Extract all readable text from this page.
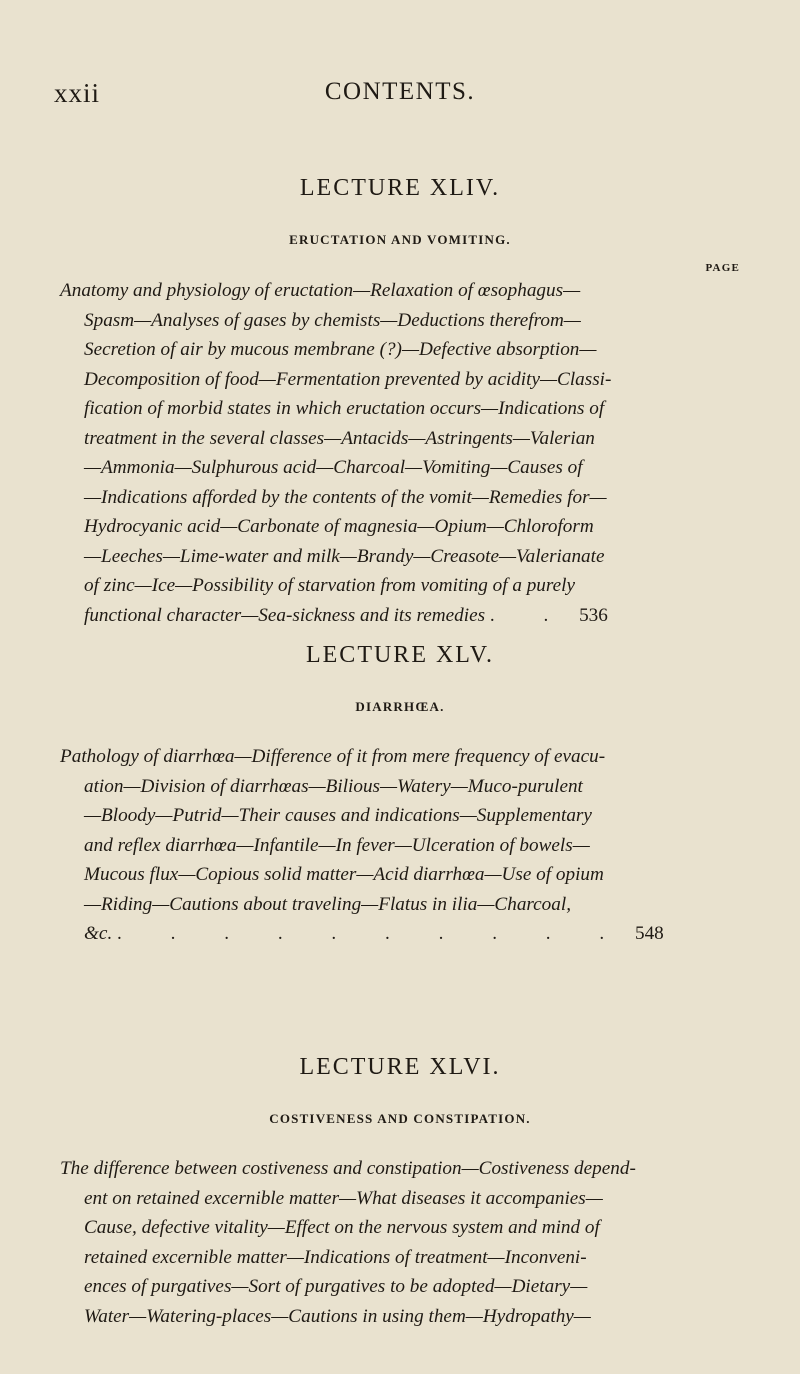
xxii	CONTENTS.
LECTURE XLIV.
ERUCTATION AND VOMITING.
PAGE
Anatomy and physiology of eructation—Relaxation of œsophagus—
Spasm—Analyses of gases by chemists—Deductions therefrom—
Secretion of air by mucous membrane (?)—Defective absorption—
Decomposition of food—Fermentation prevented by acidity—Classi-
fication of morbid states in which eructation occurs—Indications of
treatment in the several classes—Antacids—Astringents—Valerian
—Ammonia—Sulphurous acid—Charcoal—Vomiting—Causes of
—Indications afforded by the contents of the vomit—Remedies for—
Hydrocyanic acid—Carbonate of magnesia—Opium—Chloroform
—Leeches—Lime-water and milk—Brandy—Creasote—Valerianate
of zinc—Ice—Possibility of starvation from vomiting of a purely
functional character—Sea-sickness and its remedies . . 536
LECTURE XLV.
DIARRHŒA.
Pathology of diarrhœa—Difference of it from mere frequency of evacu-
ation—Division of diarrhœas—Bilious—Watery—Muco-purulent
—Bloody—Putrid—Their causes and indications—Supplementary
and reflex diarrhœa—Infantile—In fever—Ulceration of bowels—
Mucous flux—Copious solid matter—Acid diarrhœa—Use of opium
—Riding—Cautions about traveling—Flatus in ilia—Charcoal,
&c. . . . . . . . . . . 548
LECTURE XLVI.
COSTIVENESS AND CONSTIPATION.
The difference between costiveness and constipation—Costiveness depend-
ent on retained excernible matter—What diseases it accompanies—
Cause, defective vitality—Effect on the nervous system and mind of
retained excernible matter—Indications of treatment—Inconveni-
ences of purgatives—Sort of purgatives to be adopted—Dietary—
Water—Watering-places—Cautions in using them—Hydropathy—
